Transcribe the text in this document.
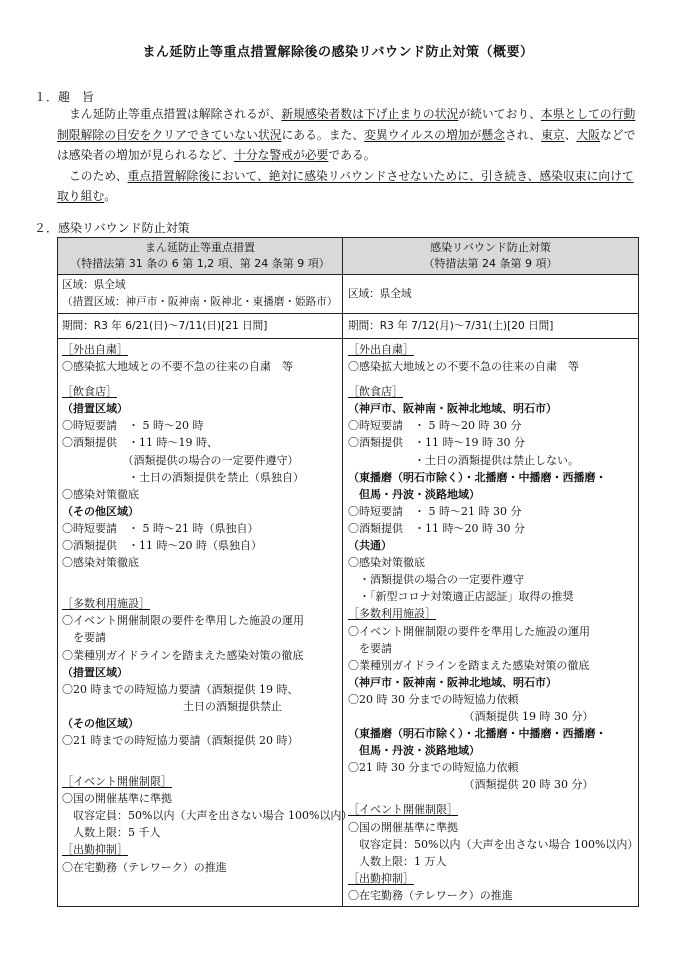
まん延防止等重点措置解除後の感染リバウンド防止対策（概要）
１．趣　旨

まん延防止等重点措置は解除されるが、新規感染者数は下げ止まりの状況が続いており、本県としての行動制限解除の目安をクリアできていない状況にある。また、変異ウイルスの増加が懸念され、東京、大阪などでは感染者の増加が見られるなど、十分な警戒が必要である。

このため、重点措置解除後において、絶対に感染リバウンドさせないために、引き続き、感染収束に向けて取り組む。

２．感染リバウンド防止対策
まん延防止等重点措置
（特措法第 31 条の 6 第 1,2 項、第 24 条第 9 項）
感染リバウンド防止対策
（特措法第 24 条第 9 項）
区域：県全域
（措置区域：神戸市・阪神南・阪神北・東播磨・姫路市）
区域：県全域
期間：R3 年 6/21(日)～7/11(日)[21 日間]	期間：R3 年 7/12(月)～7/31(土)[20 日間]
［外出自粛］
〇感染拡大地域との不要不急の往来の自粛　等
［飲食店］
（措置区域）
〇時短要請　・ 5 時～20 時
〇酒類提供　・11 時～19 時、
　　　　　　（酒類提供の場合の一定要件遵守）
　　　　　　・土日の酒類提供を禁止（県独自）
〇感染対策徹底
（その他区域）
〇時短要請　・ 5 時～21 時（県独自）
〇酒類提供　・11 時～20 時（県独自）
〇感染対策徹底
［多数利用施設］
〇イベント開催制限の要件を準用した施設の運用
　を要請
〇業種別ガイドラインを踏まえた感染対策の徹底
（措置区域）
〇20 時までの時短協力要請（酒類提供 19 時、
　　　　　　　　　　　土日の酒類提供禁止
（その他区域）
〇21 時までの時短協力要請（酒類提供 20 時）
［イベント開催制限］
〇国の開催基準に準拠
　収容定員：50%以内（大声を出さない場合 100%以内）
　人数上限：5 千人
［出勤抑制］
〇在宅勤務（テレワーク）の推進
［外出自粛］
〇感染拡大地域との不要不急の往来の自粛　等
［飲食店］
（神戸市、阪神南・阪神北地域、明石市）
〇時短要請　・ 5 時～20 時 30 分
〇酒類提供　・11 時～19 時 30 分
　　　　　　・土日の酒類提供は禁止しない。
（東播磨（明石市除く）・北播磨・中播磨・西播磨・
　但馬・丹波・淡路地域）
〇時短要請　・ 5 時～21 時 30 分
〇酒類提供　・11 時～20 時 30 分
（共通）
〇感染対策徹底
　・酒類提供の場合の一定要件遵守
　・「新型コロナ対策適正店認証」取得の推奨
［多数利用施設］
〇イベント開催制限の要件を準用した施設の運用
　を要請
〇業種別ガイドラインを踏まえた感染対策の徹底
（神戸市・阪神南・阪神北地域、明石市）
〇20 時 30 分までの時短協力依頼
　　　　　　　　　　　（酒類提供 19 時 30 分）
（東播磨（明石市除く）・北播磨・中播磨・西播磨・
　但馬・丹波・淡路地域）
〇21 時 30 分までの時短協力依頼
　　　　　　　　　　　（酒類提供 20 時 30 分）
［イベント開催制限］
〇国の開催基準に準拠
　収容定員：50%以内（大声を出さない場合 100%以内）
　人数上限：1 万人
［出勤抑制］
〇在宅勤務（テレワーク）の推進
